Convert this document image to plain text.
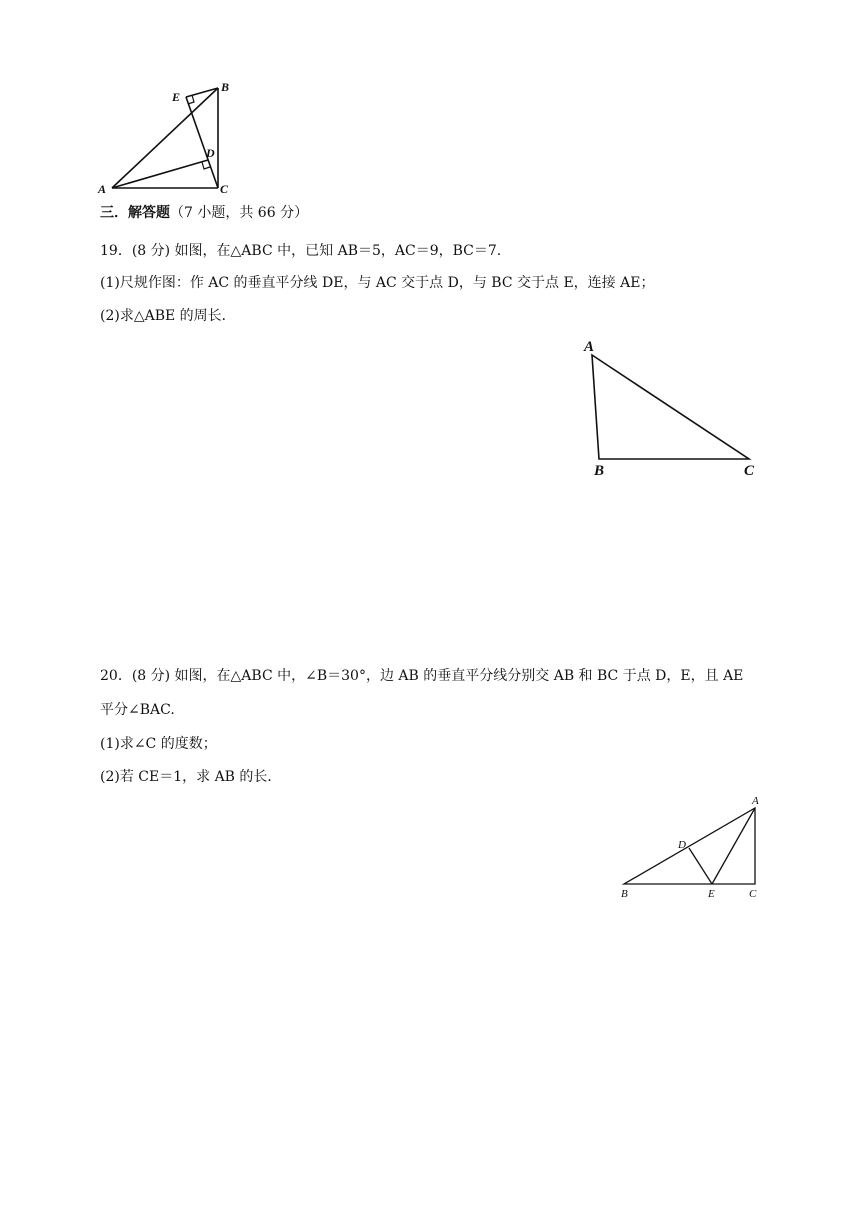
A
B
C
D
E
三．解答题（7 小题，共 66 分）
19．(8 分) 如图，在△ABC 中，已知 AB＝5，AC＝9，BC＝7.
(1)尺规作图：作 AC 的垂直平分线 DE，与 AC 交于点 D，与 BC 交于点 E，连接 AE；
(2)求△ABE 的周长．
A
B	C
20．(8 分) 如图，在△ABC 中，∠B＝30°，边 AB 的垂直平分线分别交 AB 和 BC 于点 D，E，且 AE
平分∠BAC.
(1)求∠C 的度数；
(2)若 CE＝1，求 AB 的长．
A
B	C
D
E
